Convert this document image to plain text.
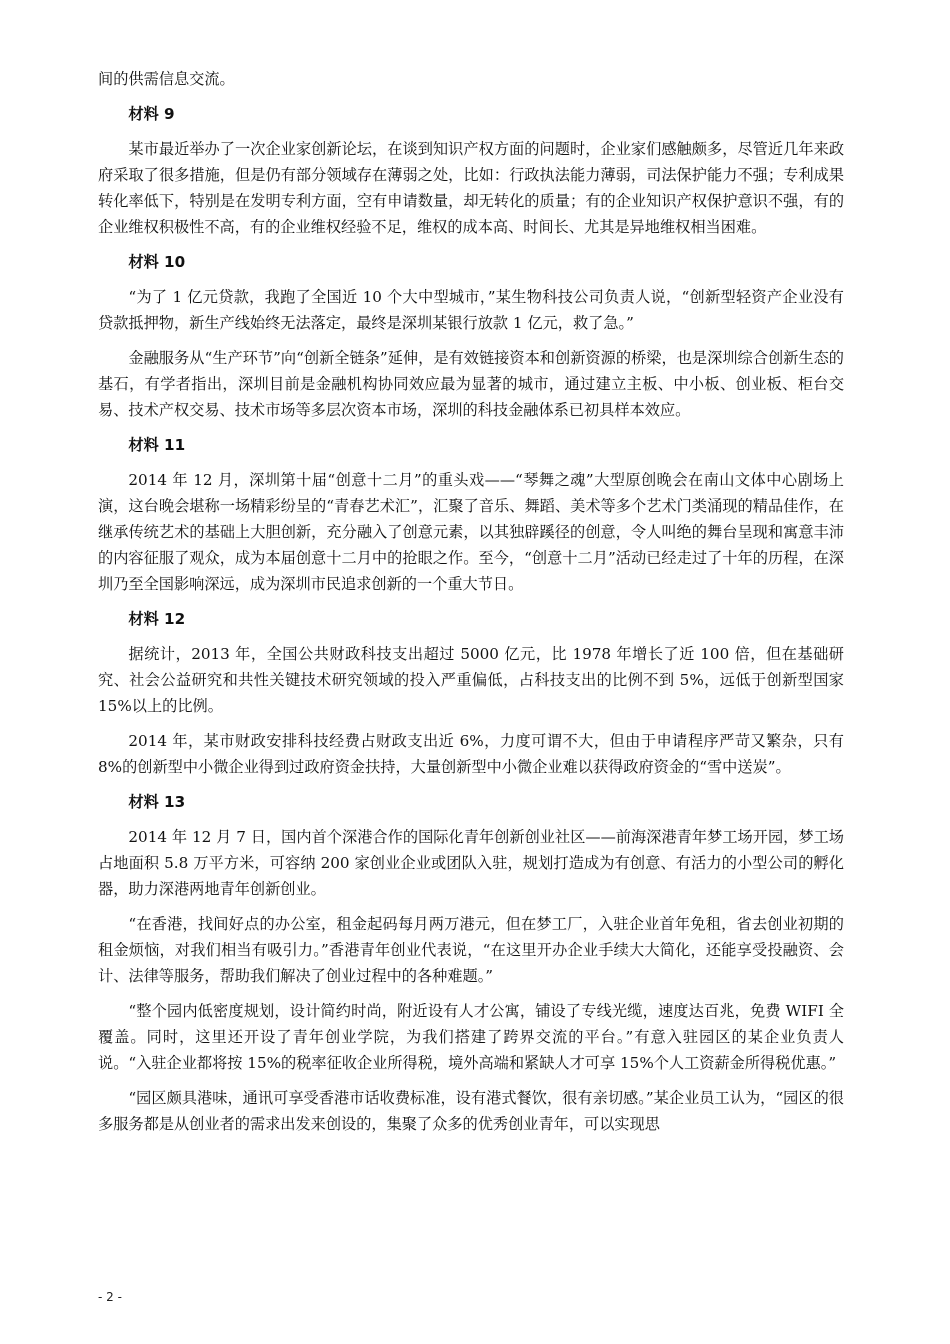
间的供需信息交流。

材料 9

某市最近举办了一次企业家创新论坛，在谈到知识产权方面的问题时，企业家们感触颇多，尽管近几年来政府采取了很多措施，但是仍有部分领域存在薄弱之处，比如：行政执法能力薄弱，司法保护能力不强；专利成果转化率低下，特别是在发明专利方面，空有申请数量，却无转化的质量；有的企业知识产权保护意识不强，有的企业维权积极性不高，有的企业维权经验不足，维权的成本高、时间长、尤其是异地维权相当困难。

材料 10

“为了 1 亿元贷款，我跑了全国近 10 个大中型城市，”某生物科技公司负责人说，“创新型轻资产企业没有贷款抵押物，新生产线始终无法落定，最终是深圳某银行放款 1 亿元，救了急。”

金融服务从“生产环节”向“创新全链条”延伸，是有效链接资本和创新资源的桥梁，也是深圳综合创新生态的基石，有学者指出，深圳目前是金融机构协同效应最为显著的城市，通过建立主板、中小板、创业板、柜台交易、技术产权交易、技术市场等多层次资本市场，深圳的科技金融体系已初具样本效应。

材料 11

2014 年 12 月，深圳第十届“创意十二月”的重头戏——“琴舞之魂”大型原创晚会在南山文体中心剧场上演，这台晚会堪称一场精彩纷呈的“青春艺术汇”，汇聚了音乐、舞蹈、美术等多个艺术门类涌现的精品佳作，在继承传统艺术的基础上大胆创新，充分融入了创意元素，以其独辟蹊径的创意，令人叫绝的舞台呈现和寓意丰沛的内容征服了观众，成为本届创意十二月中的抢眼之作。至今，“创意十二月”活动已经走过了十年的历程，在深圳乃至全国影响深远，成为深圳市民追求创新的一个重大节日。

材料 12

据统计，2013 年，全国公共财政科技支出超过 5000 亿元，比 1978 年增长了近 100 倍，但在基础研究、社会公益研究和共性关键技术研究领域的投入严重偏低，占科技支出的比例不到 5%，远低于创新型国家 15%以上的比例。

2014 年，某市财政安排科技经费占财政支出近 6%，力度可谓不大，但由于申请程序严苛又繁杂，只有 8%的创新型中小微企业得到过政府资金扶持，大量创新型中小微企业难以获得政府资金的“雪中送炭”。

材料 13

2014 年 12 月 7 日，国内首个深港合作的国际化青年创新创业社区——前海深港青年梦工场开园，梦工场占地面积 5.8 万平方米，可容纳 200 家创业企业或团队入驻，规划打造成为有创意、有活力的小型公司的孵化器，助力深港两地青年创新创业。

“在香港，找间好点的办公室，租金起码每月两万港元，但在梦工厂，入驻企业首年免租，省去创业初期的租金烦恼，对我们相当有吸引力。”香港青年创业代表说，“在这里开办企业手续大大简化，还能享受投融资、会计、法律等服务，帮助我们解决了创业过程中的各种难题。”

“整个园内低密度规划，设计简约时尚，附近设有人才公寓，铺设了专线光缆，速度达百兆，免费 WIFI 全覆盖。同时，这里还开设了青年创业学院，为我们搭建了跨界交流的平台。”有意入驻园区的某企业负责人说。“入驻企业都将按 15%的税率征收企业所得税，境外高端和紧缺人才可享 15%个人工资薪金所得税优惠。”

“园区颇具港味，通讯可享受香港市话收费标准，设有港式餐饮，很有亲切感。”某企业员工认为，“园区的很多服务都是从创业者的需求出发来创设的，集聚了众多的优秀创业青年，可以实现思

- 2 -
